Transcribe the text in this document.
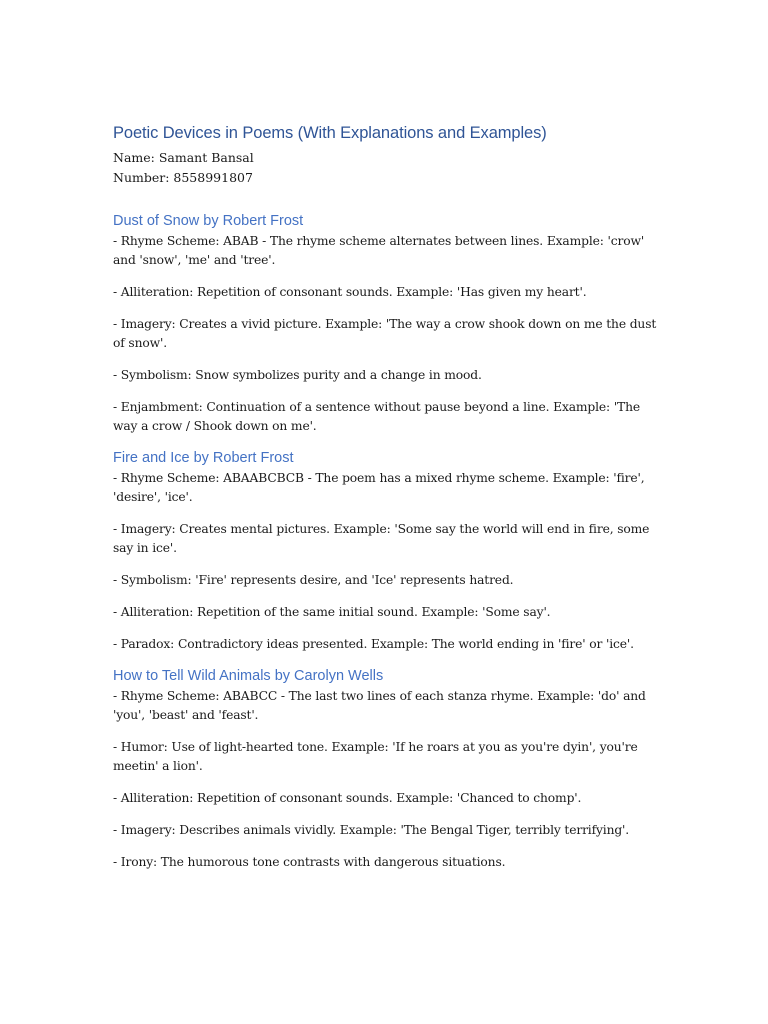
Poetic Devices in Poems (With Explanations and Examples)
Name: Samant Bansal
Number: 8558991807
Dust of Snow by Robert Frost

- Rhyme Scheme: ABAB - The rhyme scheme alternates between lines. Example: 'crow' and 'snow', 'me' and 'tree'.

- Alliteration: Repetition of consonant sounds. Example: 'Has given my heart'.

- Imagery: Creates a vivid picture. Example: 'The way a crow shook down on me the dust of snow'.

- Symbolism: Snow symbolizes purity and a change in mood.

- Enjambment: Continuation of a sentence without pause beyond a line. Example: 'The way a crow / Shook down on me'.

Fire and Ice by Robert Frost

- Rhyme Scheme: ABAABCBCB - The poem has a mixed rhyme scheme. Example: 'fire', 'desire', 'ice'.

- Imagery: Creates mental pictures. Example: 'Some say the world will end in fire, some say in ice'.

- Symbolism: 'Fire' represents desire, and 'Ice' represents hatred.

- Alliteration: Repetition of the same initial sound. Example: 'Some say'.

- Paradox: Contradictory ideas presented. Example: The world ending in 'fire' or 'ice'.

How to Tell Wild Animals by Carolyn Wells

- Rhyme Scheme: ABABCC - The last two lines of each stanza rhyme. Example: 'do' and 'you', 'beast' and 'feast'.

- Humor: Use of light-hearted tone. Example: 'If he roars at you as you're dyin', you're meetin' a lion'.

- Alliteration: Repetition of consonant sounds. Example: 'Chanced to chomp'.

- Imagery: Describes animals vividly. Example: 'The Bengal Tiger, terribly terrifying'.

- Irony: The humorous tone contrasts with dangerous situations.
